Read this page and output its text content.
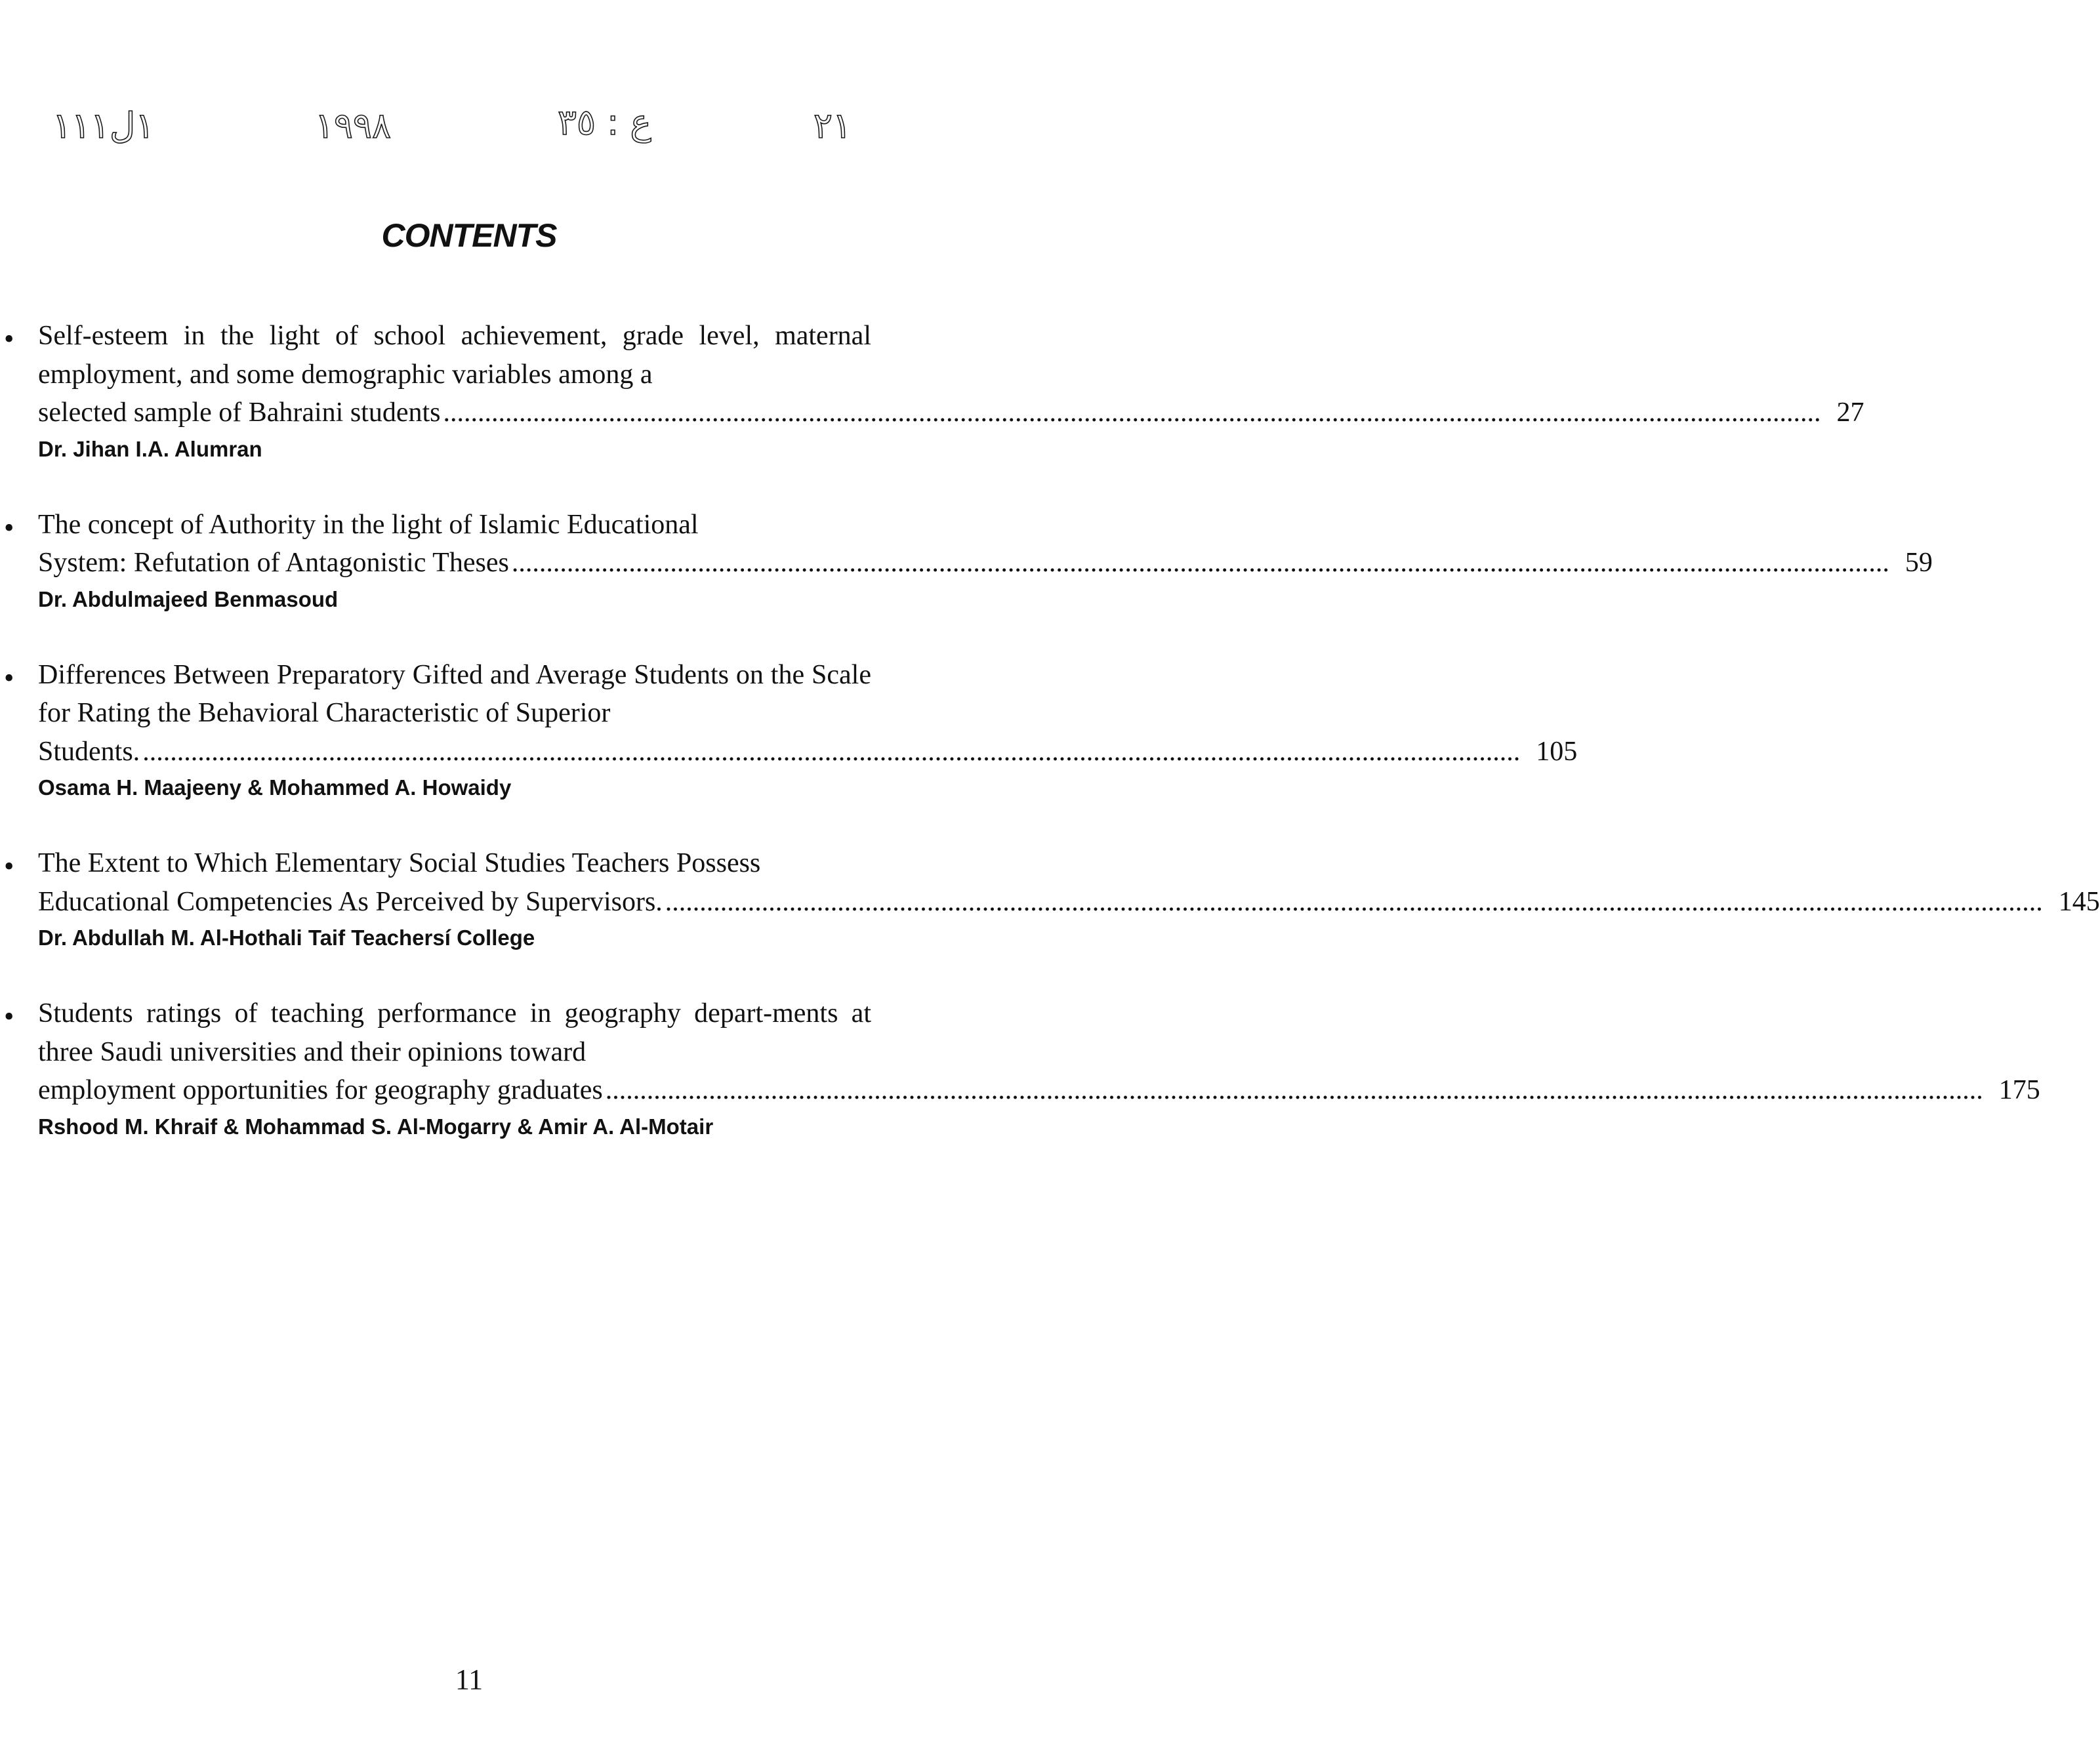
١ل١١١	١٩٩٨	ع : ٣٥	٢١
CONTENTS
• Self-esteem in the light of school achievement, grade level, maternal employment, and some demographic variables among a
selected sample of Bahraini students ........................................................................................................................................................................................................ 27
Dr. Jihan I.A. Alumran
• The concept of Authority in the light of Islamic Educational
System: Refutation of Antagonistic Theses ........................................................................................................................................................................................................ 59
Dr. Abdulmajeed Benmasoud
• Differences Between Preparatory Gifted and Average Students on the Scale for Rating the Behavioral Characteristic of Superior
Students. ........................................................................................................................................................................................................ 105
Osama H. Maajeeny & Mohammed A. Howaidy
• The Extent to Which Elementary Social Studies Teachers Possess
Educational Competencies As Perceived by Supervisors. ........................................................................................................................................................................................................ 145
Dr. Abdullah M. Al-Hothali Taif Teachersí College
• Students ratings of teaching performance in geography depart-ments at three Saudi universities and their opinions toward
employment opportunities for geography graduates ........................................................................................................................................................................................................ 175
Rshood M. Khraif & Mohammad S. Al-Mogarry & Amir A. Al-Motair
11
